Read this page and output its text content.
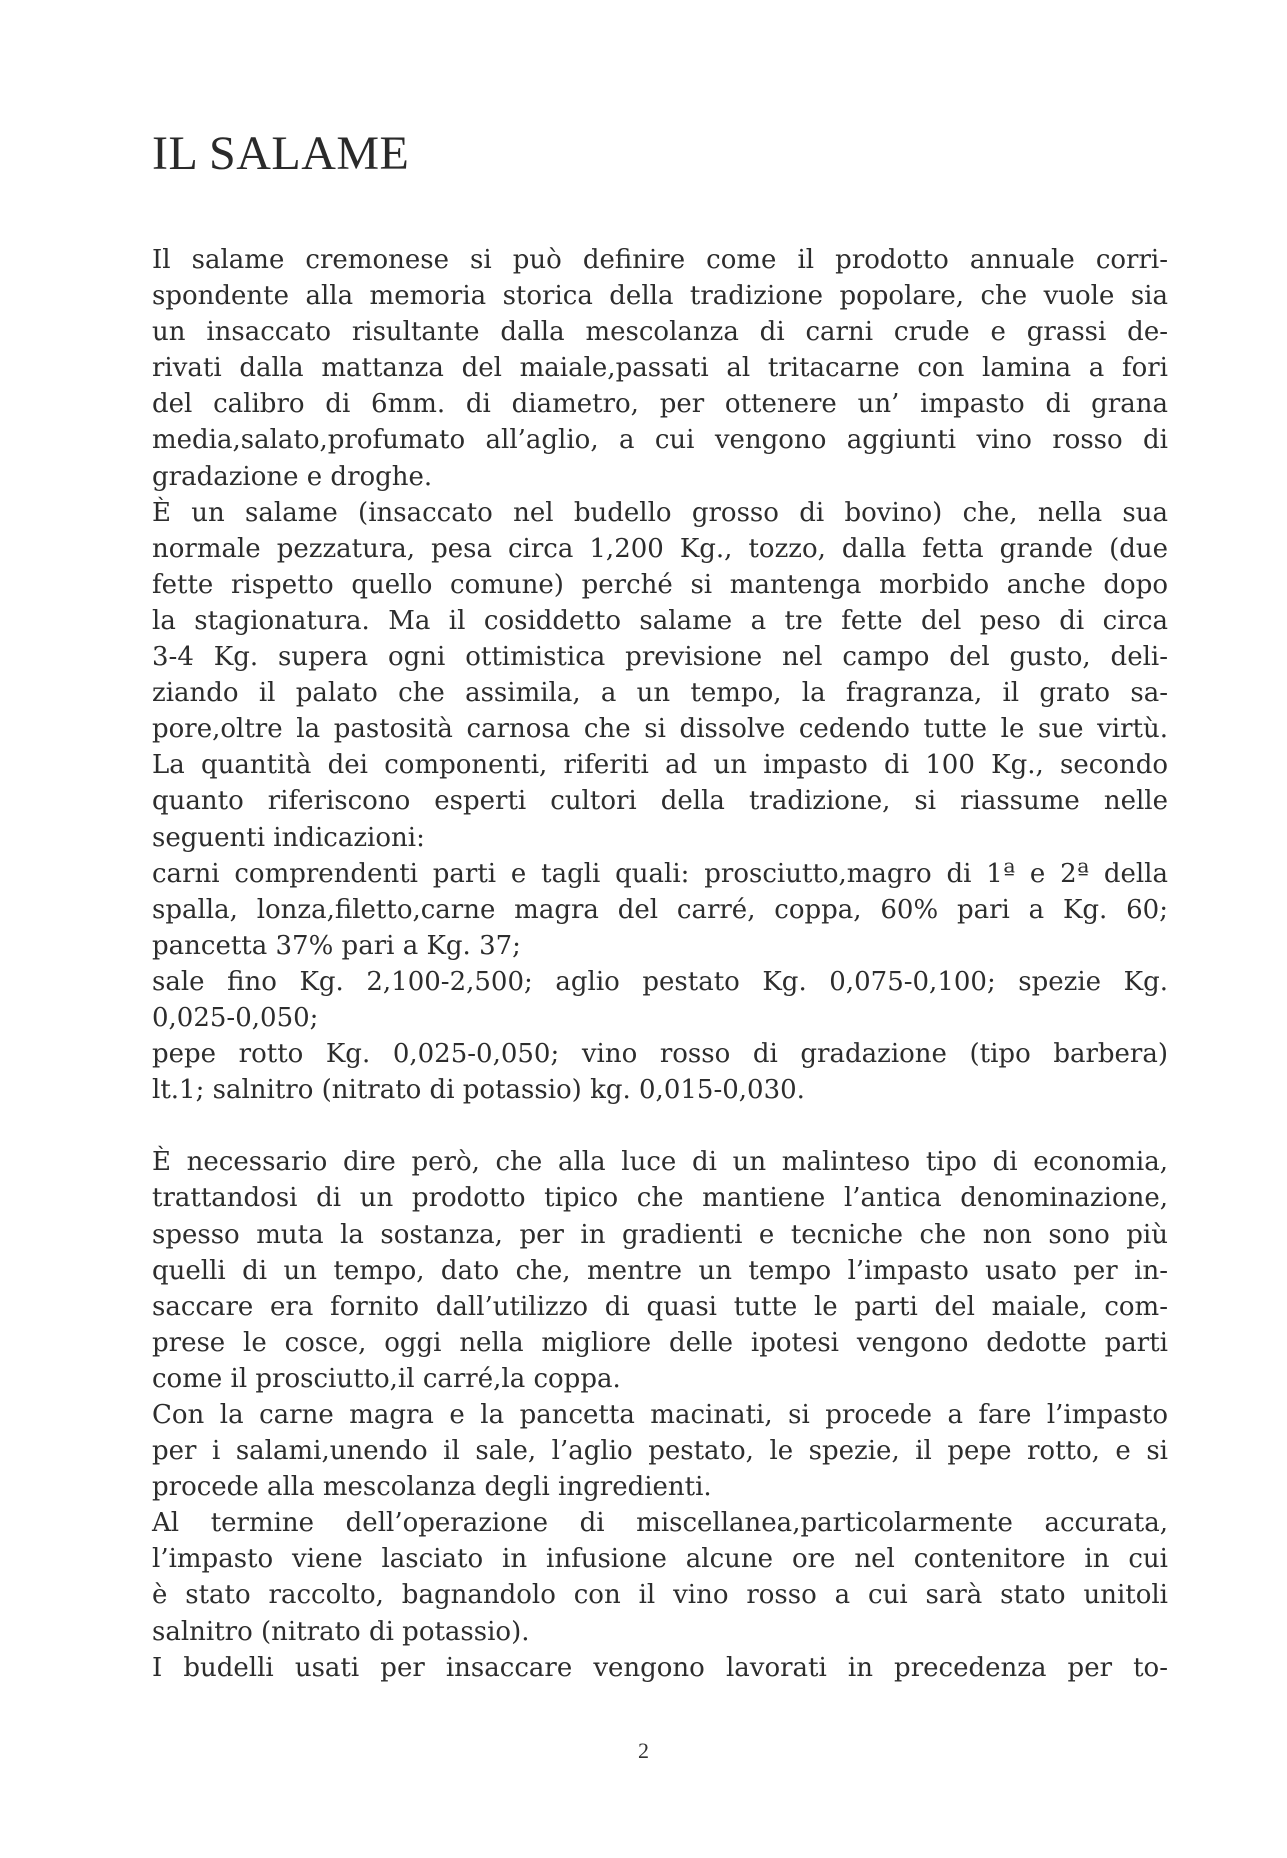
IL SALAME
Il salame cremonese si può definire come il prodotto annuale corri-
spondente alla memoria storica della tradizione popolare, che vuole sia
un insaccato risultante dalla mescolanza di carni crude e grassi de-
rivati dalla mattanza del maiale,passati al tritacarne con lamina a fori
del calibro di 6mm. di diametro, per ottenere un’ impasto di grana
media,salato,profumato all’aglio, a cui vengono aggiunti vino rosso di
gradazione e droghe.
È un salame (insaccato nel budello grosso di bovino) che, nella sua
normale pezzatura, pesa circa 1,200 Kg., tozzo, dalla fetta grande (due
fette rispetto quello comune) perché si mantenga morbido anche dopo
la stagionatura. Ma il cosiddetto salame a tre fette del peso di circa
3-4 Kg. supera ogni ottimistica previsione nel campo del gusto, deli-
ziando il palato che assimila, a un tempo, la fragranza, il grato sa-
pore,oltre la pastosità carnosa che si dissolve cedendo tutte le sue virtù.
La quantità dei componenti, riferiti ad un impasto di 100 Kg., secondo
quanto riferiscono esperti cultori della tradizione, si riassume nelle
seguenti indicazioni:
carni comprendenti parti e tagli quali: prosciutto,magro di 1ª e 2ª della
spalla, lonza,filetto,carne magra del carré, coppa, 60% pari a Kg. 60;
pancetta 37% pari a Kg. 37;
sale fino Kg. 2,100-2,500; aglio pestato Kg. 0,075-0,100; spezie Kg.
0,025-0,050;
pepe rotto Kg. 0,025-0,050; vino rosso di gradazione (tipo barbera)
lt.1; salnitro (nitrato di potassio) kg. 0,015-0,030.
È necessario dire però, che alla luce di un malinteso tipo di economia,
trattandosi di un prodotto tipico che mantiene l’antica denominazione,
spesso muta la sostanza, per in gradienti e tecniche che non sono più
quelli di un tempo, dato che, mentre un tempo l’impasto usato per in-
saccare era fornito dall’utilizzo di quasi tutte le parti del maiale, com-
prese le cosce, oggi nella migliore delle ipotesi vengono dedotte parti
come il prosciutto,il carré,la coppa.
Con la carne magra e la pancetta macinati, si procede a fare l’impasto
per i salami,unendo il sale, l’aglio pestato, le spezie, il pepe rotto, e si
procede alla mescolanza degli ingredienti.
Al termine dell’operazione di miscellanea,particolarmente accurata,
l’impasto viene lasciato in infusione alcune ore nel contenitore in cui
è stato raccolto, bagnandolo con il vino rosso a cui sarà stato unitoli
salnitro (nitrato di potassio).
I budelli usati per insaccare vengono lavorati in precedenza per to-
2
